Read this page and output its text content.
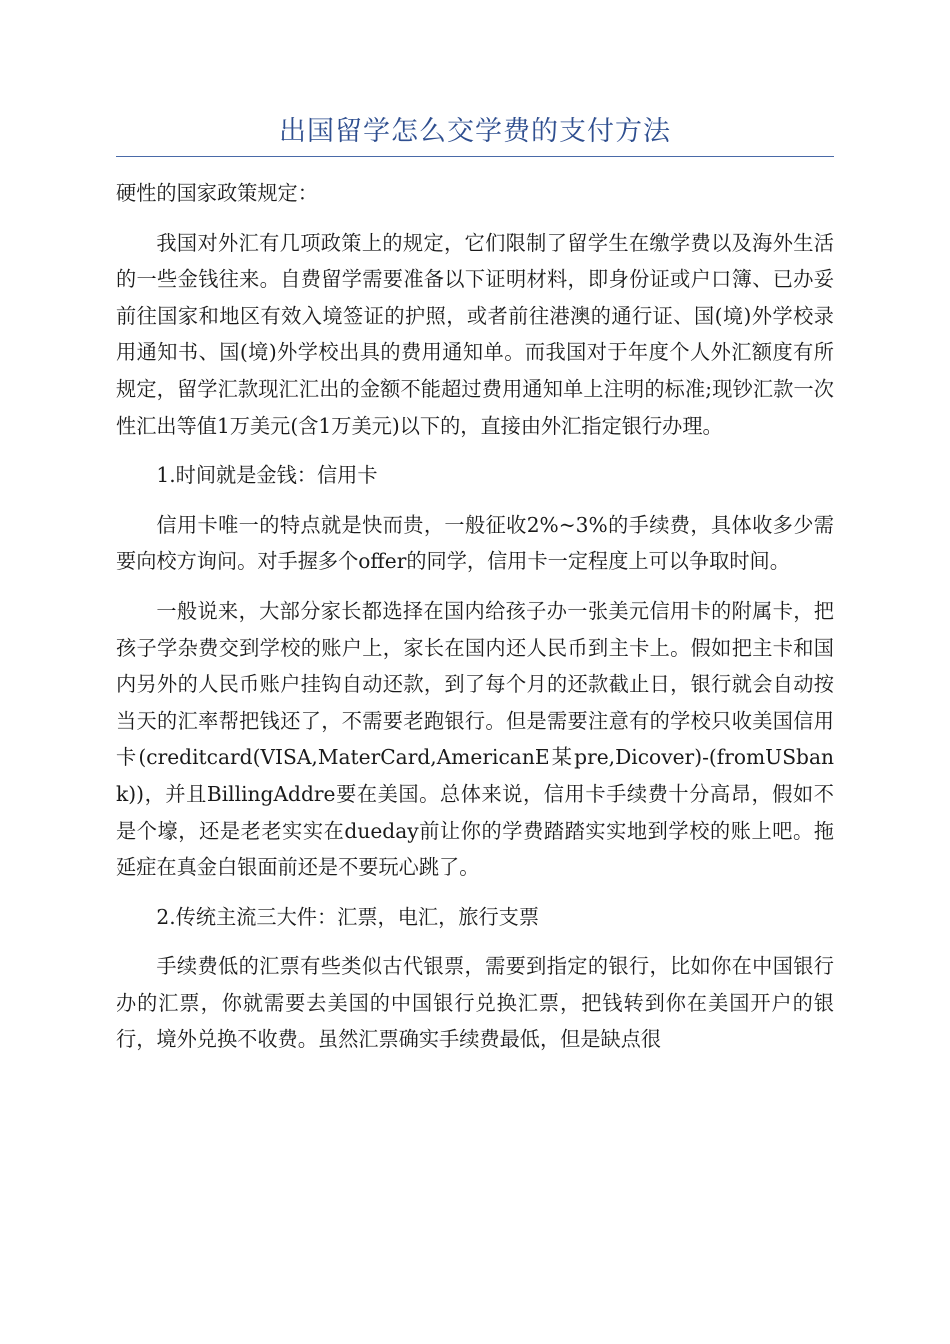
出国留学怎么交学费的支付方法

硬性的国家政策规定：

我国对外汇有几项政策上的规定，它们限制了留学生在缴学费以及海外生活的一些金钱往来。自费留学需要准备以下证明材料，即身份证或户口簿、已办妥前往国家和地区有效入境签证的护照，或者前往港澳的通行证、国(境)外学校录用通知书、国(境)外学校出具的费用通知单。而我国对于年度个人外汇额度有所规定，留学汇款现汇汇出的金额不能超过费用通知单上注明的标准;现钞汇款一次性汇出等值1万美元(含1万美元)以下的，直接由外汇指定银行办理。

1.时间就是金钱：信用卡

信用卡唯一的特点就是快而贵，一般征收2%~3%的手续费，具体收多少需要向校方询问。对手握多个offer的同学，信用卡一定程度上可以争取时间。

一般说来，大部分家长都选择在国内给孩子办一张美元信用卡的附属卡，把孩子学杂费交到学校的账户上，家长在国内还人民币到主卡上。假如把主卡和国内另外的人民币账户挂钩自动还款，到了每个月的还款截止日，银行就会自动按当天的汇率帮把钱还了，不需要老跑银行。但是需要注意有的学校只收美国信用卡(creditcard(VISA,MaterCard,AmericanE某pre,Dicover)-(fromUSbank))，并且BillingAddre要在美国。总体来说，信用卡手续费十分高昂，假如不是个壕，还是老老实实在dueday前让你的学费踏踏实实地到学校的账上吧。拖延症在真金白银面前还是不要玩心跳了。

2.传统主流三大件：汇票，电汇，旅行支票

手续费低的汇票有些类似古代银票，需要到指定的银行，比如你在中国银行办的汇票，你就需要去美国的中国银行兑换汇票，把钱转到你在美国开户的银行，境外兑换不收费。虽然汇票确实手续费最低，但是缺点很
